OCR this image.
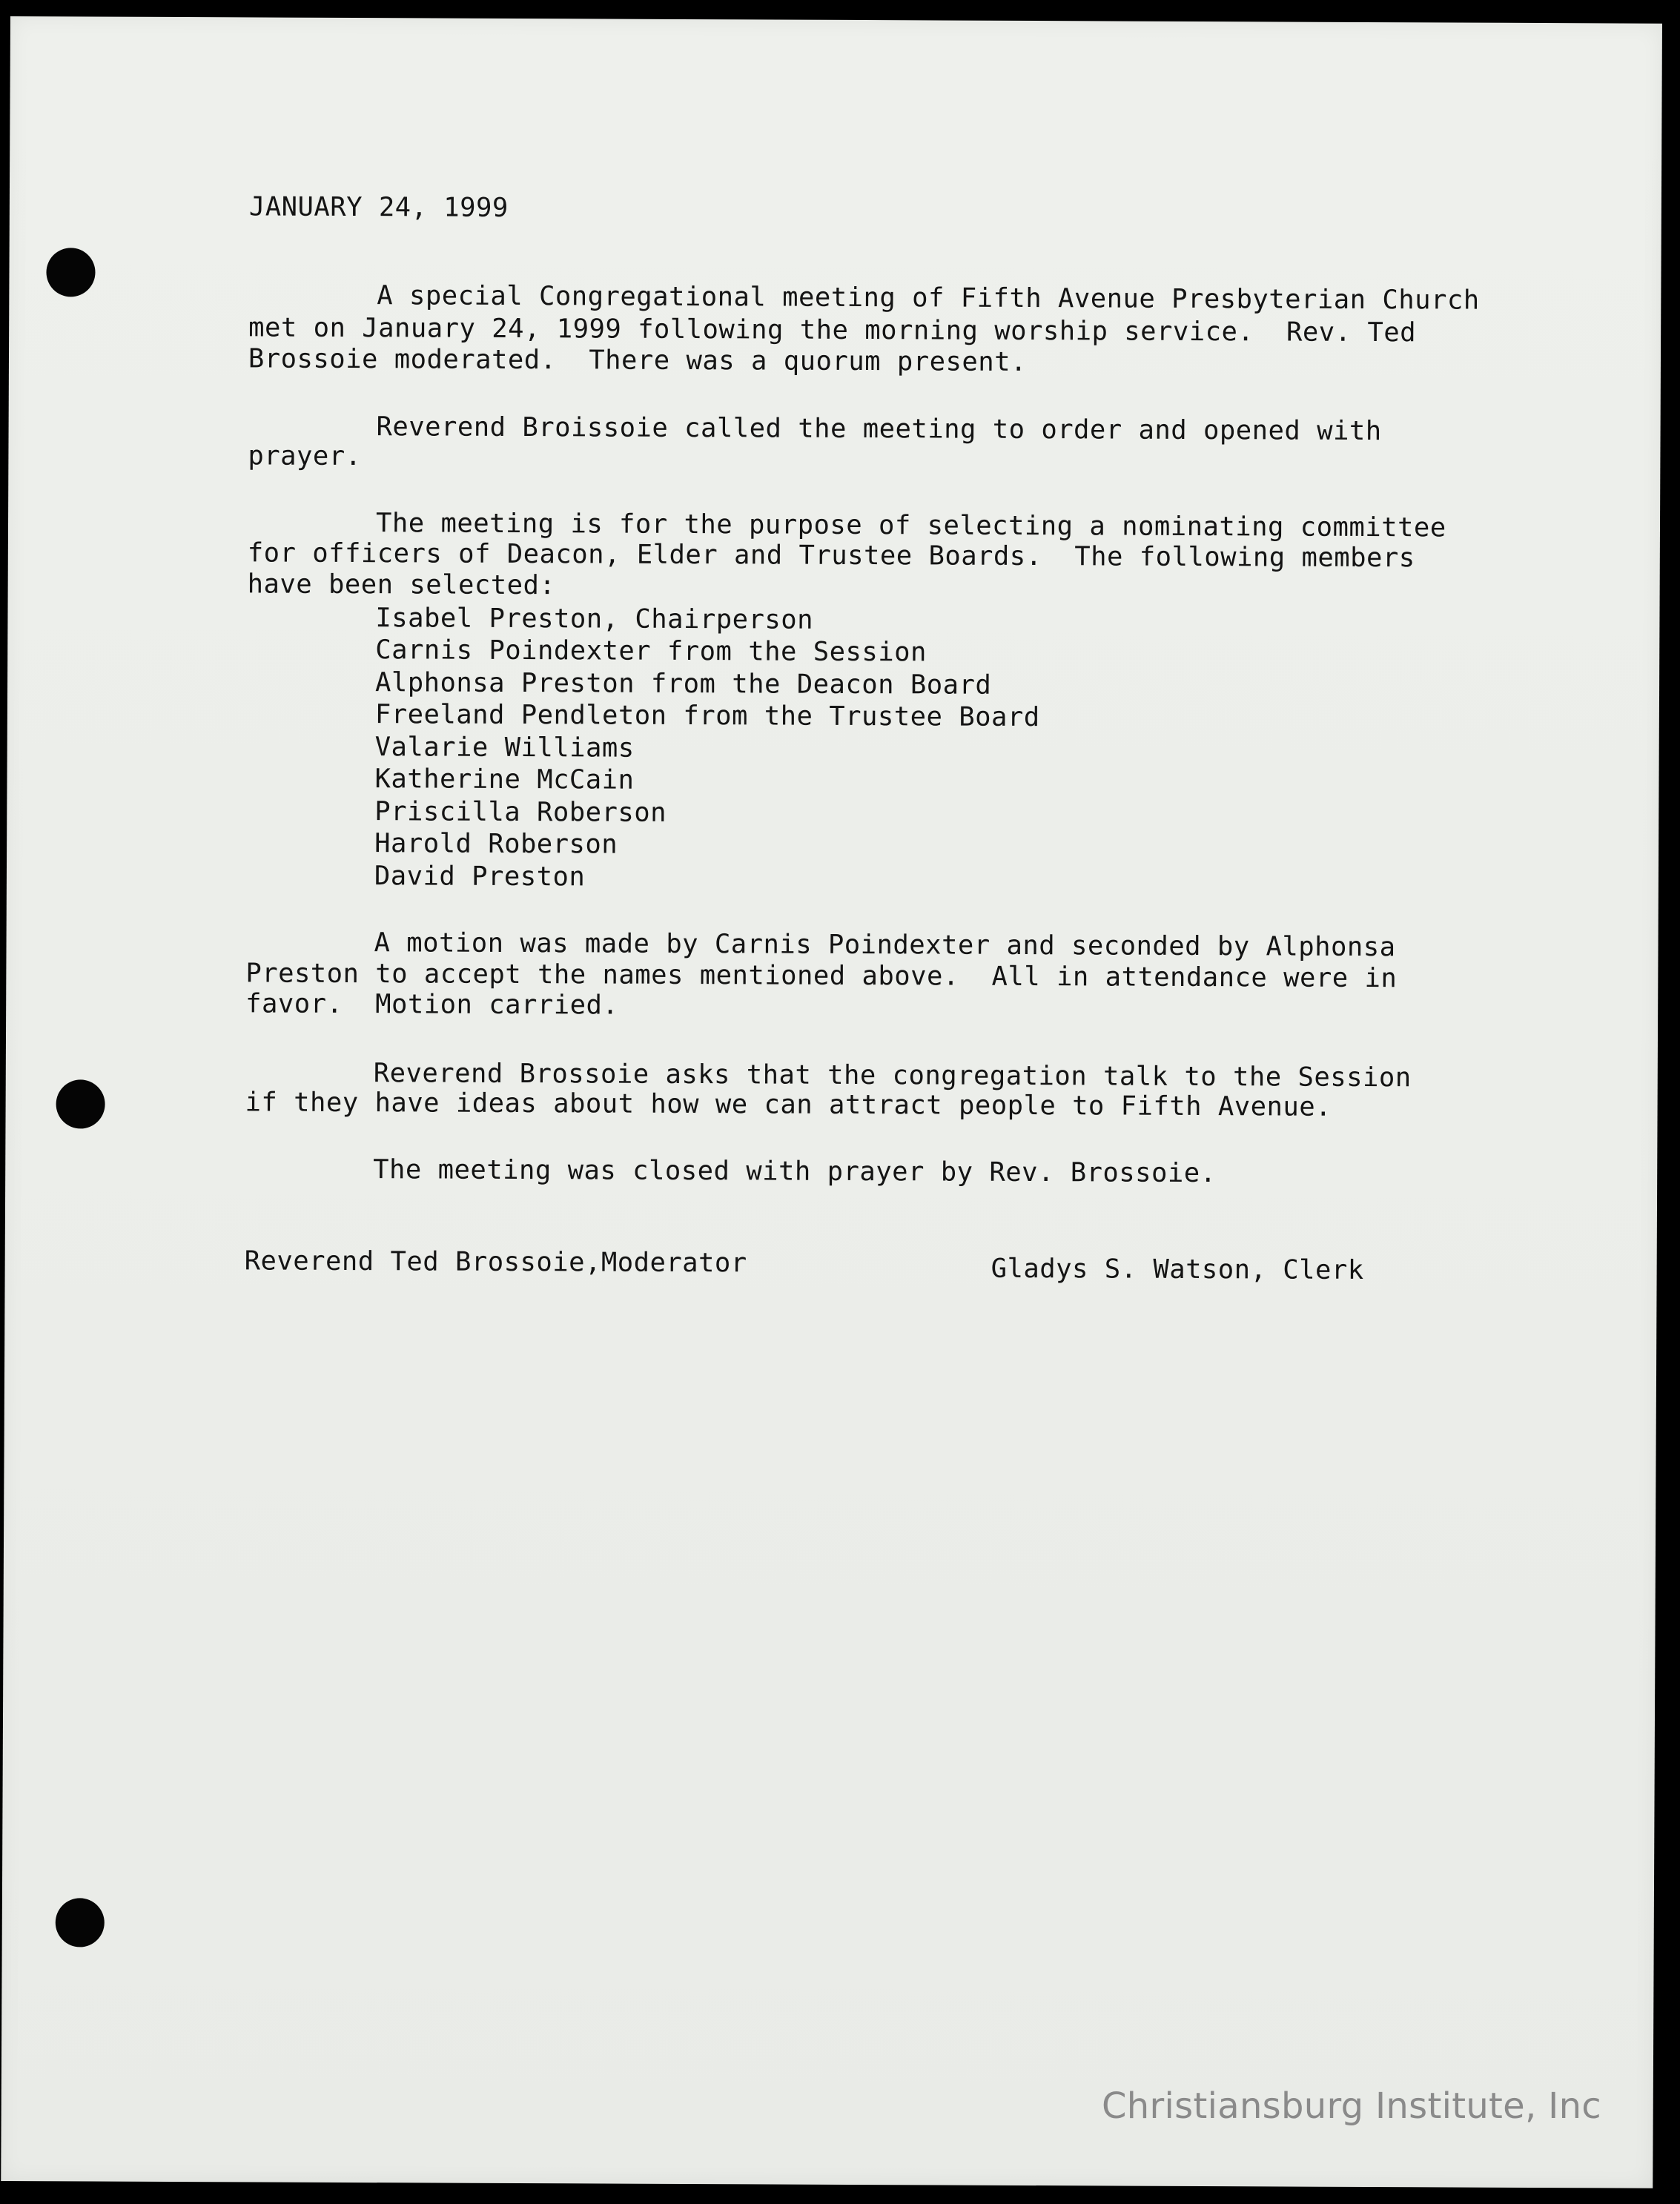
JANUARY 24, 1999
A special Congregational meeting of Fifth Avenue Presbyterian Church
met on January 24, 1999 following the morning worship service.  Rev. Ted
Brossoie moderated.  There was a quorum present.
Reverend Broissoie called the meeting to order and opened with
prayer.
The meeting is for the purpose of selecting a nominating committee
for officers of Deacon, Elder and Trustee Boards.  The following members
have been selected:
Isabel Preston, Chairperson
Carnis Poindexter from the Session
Alphonsa Preston from the Deacon Board
Freeland Pendleton from the Trustee Board
Valarie Williams
Katherine McCain
Priscilla Roberson
Harold Roberson
David Preston
A motion was made by Carnis Poindexter and seconded by Alphonsa
Preston to accept the names mentioned above.  All in attendance were in
favor.  Motion carried.
Reverend Brossoie asks that the congregation talk to the Session
if they have ideas about how we can attract people to Fifth Avenue.
The meeting was closed with prayer by Rev. Brossoie.
Reverend Ted Brossoie,Moderator	Gladys S. Watson, Clerk
Christiansburg Institute, Inc
